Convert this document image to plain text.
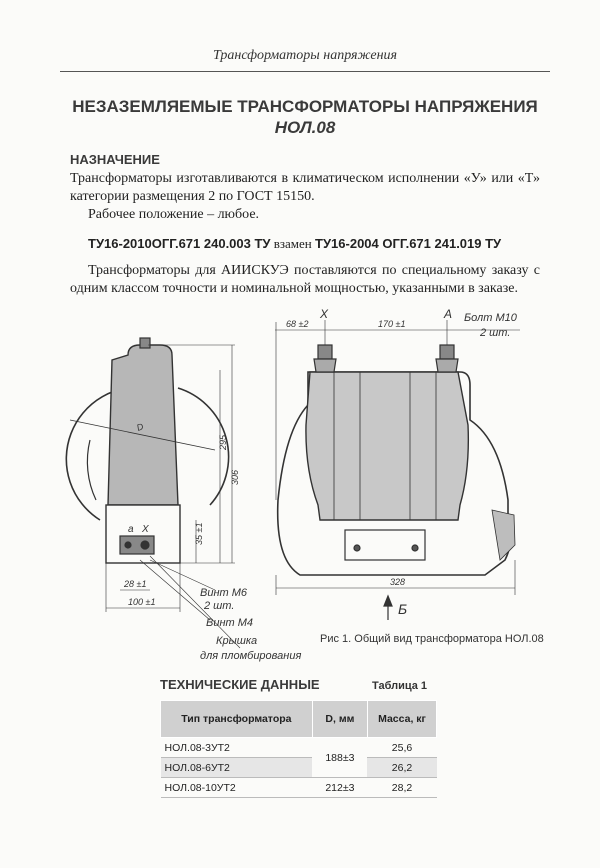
Трансформаторы напряжения
НЕЗАЗЕМЛЯЕМЫЕ ТРАНСФОРМАТОРЫ НАПРЯЖЕНИЯ
НОЛ.08
НАЗНАЧЕНИЕ
Трансформаторы изготавливаются в климатическом исполнении «У» или «Т» категории размещения 2 по ГОСТ 15150.
Рабочее положение – любое.
ТУ16-2010ОГГ.671 240.003 ТУ взамен ТУ16-2004 ОГГ.671 241.019 ТУ
Трансформаторы для АИИСКУЭ поставляются по специальному заказу с одним классом точности и номинальной мощностью, указанными в заказе.
D
295
306
35 ±1
a X
28 ±1
100 ±1
Винт М6
2 шт.
Винт М4
Крышка
для пломбирования
68 ±2	170 ±1
X	A Болт М10
2 шт.
328
Б
Рис 1. Общий вид трансформатора НОЛ.08
ТЕХНИЧЕСКИЕ ДАННЫЕ	Таблица 1
Тип трансформатора	D, мм	Масса, кг
НОЛ.08-3УТ2	188±3	25,6
НОЛ.08-6УТ2		26,2
НОЛ.08-10УТ2	212±3	28,2
